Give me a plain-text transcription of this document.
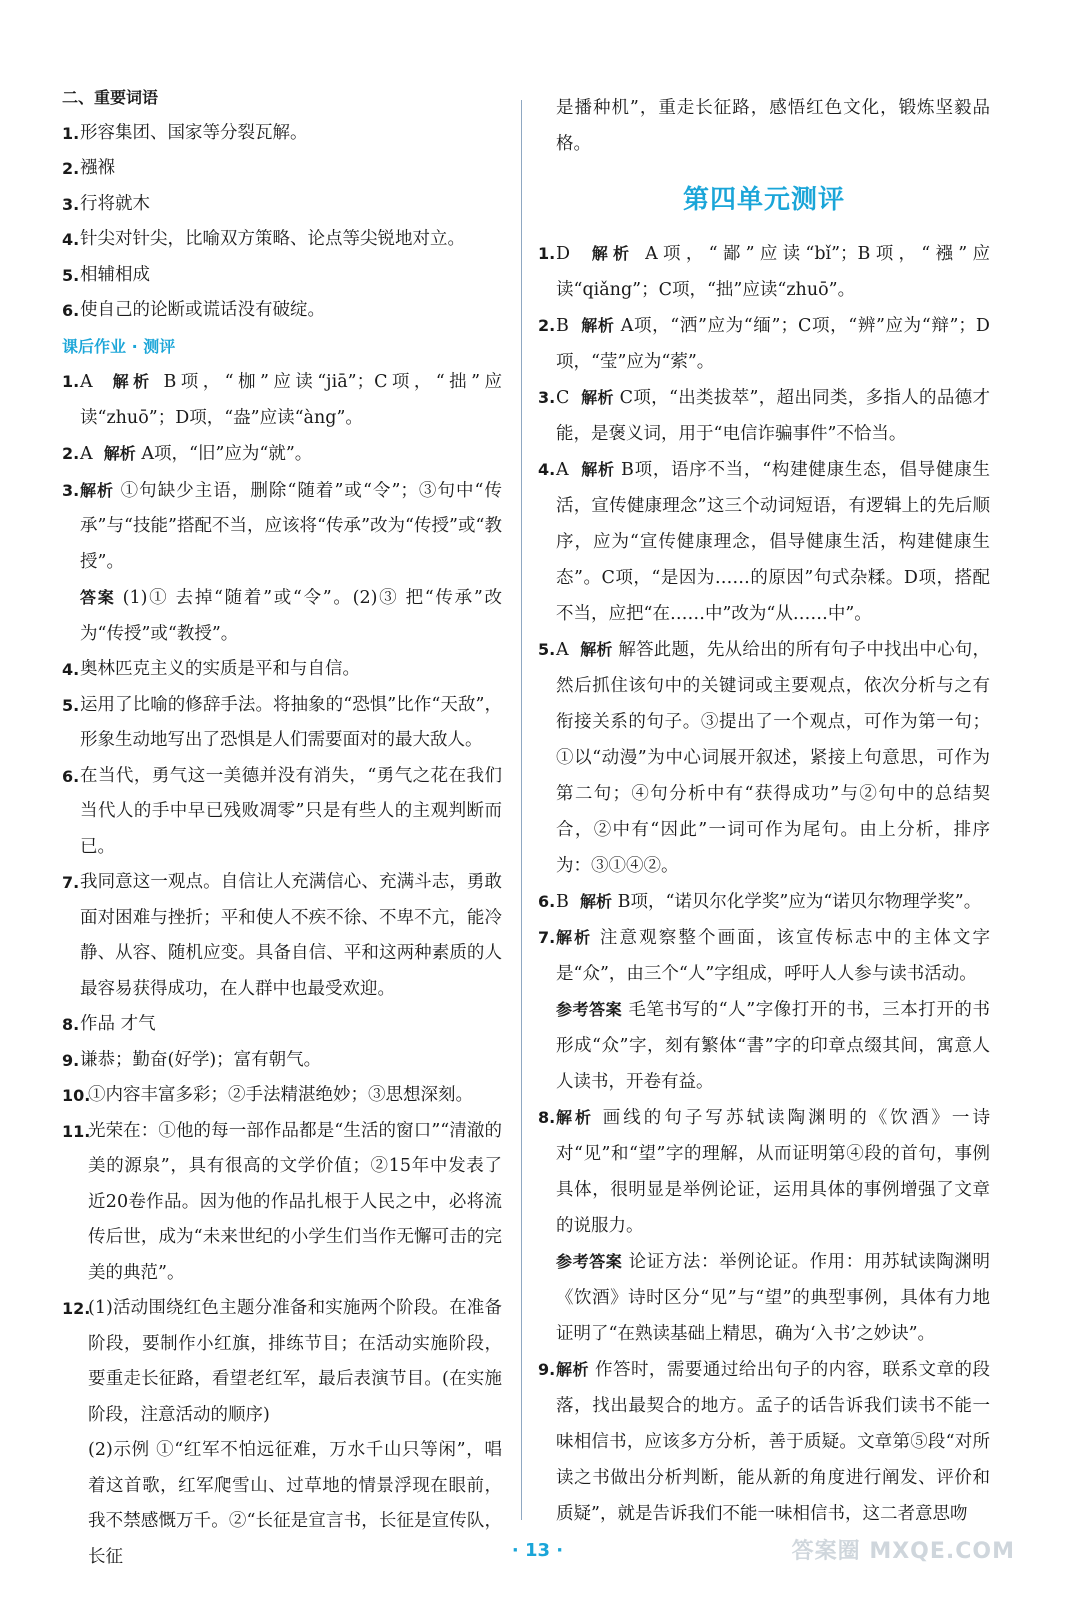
二、重要词语

1. 形容集团、国家等分裂瓦解。

2. 襁褓

3. 行将就木

4. 针尖对针尖，比喻双方策略、论点等尖锐地对立。

5. 相辅相成

6. 使自己的论断或谎话没有破绽。

课后作业 · 测评

1. A 解析 B项，“枷”应读“jiā”；C项，“拙”应读“zhuō”；D项，“盎”应读“àng”。

2. A 解析 A项，“旧”应为“就”。

3. 解析 ①句缺少主语，删除“随着”或“令”；③句中“传承”与“技能”搭配不当，应该将“传承”改为“传授”或“教授”。

答案 (1)① 去掉“随着”或“令”。(2)③ 把“传承”改为“传授”或“教授”。

4. 奥林匹克主义的实质是平和与自信。

5. 运用了比喻的修辞手法。将抽象的“恐惧”比作“天敌”，形象生动地写出了恐惧是人们需要面对的最大敌人。

6. 在当代，勇气这一美德并没有消失，“勇气之花在我们当代人的手中早已残败凋零”只是有些人的主观判断而已。

7. 我同意这一观点。自信让人充满信心、充满斗志，勇敢面对困难与挫折；平和使人不疾不徐、不卑不亢，能冷静、从容、随机应变。具备自信、平和这两种素质的人最容易获得成功，在人群中也最受欢迎。

8. 作品 才气

9. 谦恭；勤奋(好学)；富有朝气。

10.
①内容丰富多彩；②手法精湛绝妙；③思想深刻。

11.
光荣在：①他的每一部作品都是“生活的窗口”“清澈的美的源泉”，具有很高的文学价值；②15年中发表了近20卷作品。因为他的作品扎根于人民之中，必将流传后世，成为“未来世纪的小学生们当作无懈可击的完美的典范”。

12.
(1)活动围绕红色主题分准备和实施两个阶段。在准备阶段，要制作小红旗，排练节目；在活动实施阶段，要重走长征路，看望老红军，最后表演节目。(在实施阶段，注意活动的顺序)

(2)示例 ①“红军不怕远征难，万水千山只等闲”，唱着这首歌，红军爬雪山、过草地的情景浮现在眼前，我不禁感慨万千。②“长征是宣言书，长征是宣传队，长征

是播种机”，重走长征路，感悟红色文化，锻炼坚毅品格。

第四单元测评

1. D 解析 A项，“鄙”应读“bǐ”；B项，“襁”应读“qiǎng”；C项，“拙”应读“zhuō”。

2. B 解析 A项，“洒”应为“缅”；C项，“辨”应为“辩”；D项，“莹”应为“萦”。

3. C 解析 C项，“出类拔萃”，超出同类，多指人的品德才能，是褒义词，用于“电信诈骗事件”不恰当。

4. A 解析 B项，语序不当，“构建健康生态，倡导健康生活，宣传健康理念”这三个动词短语，有逻辑上的先后顺序，应为“宣传健康理念，倡导健康生活，构建健康生态”。C项，“是因为……的原因”句式杂糅。D项，搭配不当，应把“在……中”改为“从……中”。

5. A 解析 解答此题，先从给出的所有句子中找出中心句，然后抓住该句中的关键词或主要观点，依次分析与之有衔接关系的句子。③提出了一个观点，可作为第一句；①以“动漫”为中心词展开叙述，紧接上句意思，可作为第二句；④句分析中有“获得成功”与②句中的总结契合，②中有“因此”一词可作为尾句。由上分析，排序为：③①④②。

6. B 解析 B项，“诺贝尔化学奖”应为“诺贝尔物理学奖”。

7. 解析 注意观察整个画面，该宣传标志中的主体文字是“众”，由三个“人”字组成，呼吁人人参与读书活动。

参考答案 毛笔书写的“人”字像打开的书，三本打开的书形成“众”字，刻有繁体“書”字的印章点缀其间，寓意人人读书，开卷有益。

8. 解析 画线的句子写苏轼读陶渊明的《饮酒》一诗对“见”和“望”字的理解，从而证明第④段的首句，事例具体，很明显是举例论证，运用具体的事例增强了文章的说服力。

参考答案 论证方法：举例论证。作用：用苏轼读陶渊明《饮酒》诗时区分“见”与“望”的典型事例，具体有力地证明了“在熟读基础上精思，确为‘入书’之妙诀”。

9. 解析 作答时，需要通过给出句子的内容，联系文章的段落，找出最契合的地方。孟子的话告诉我们读书不能一味相信书，应该多方分析，善于质疑。文章第⑤段“对所读之书做出分析判断，能从新的角度进行阐发、评价和质疑”，就是告诉我们不能一味相信书，这二者意思吻

· 13 ·	答案圈 MXQE.COM
